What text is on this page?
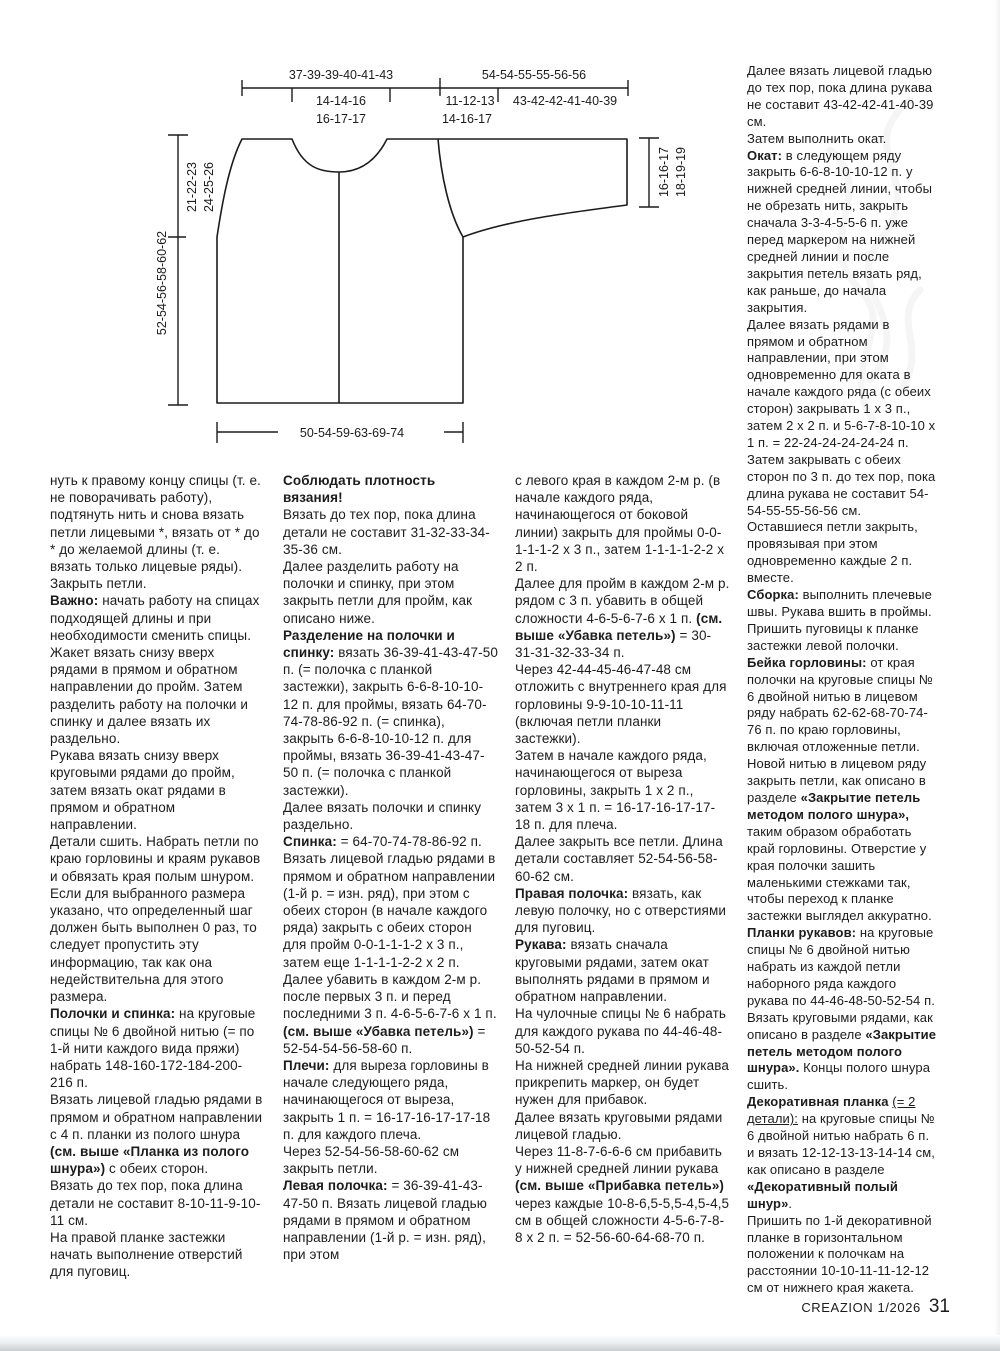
37-39-39-40-41-43
14-14-16
16-17-17
54-54-55-55-56-56
11-12-13
14-16-17
43-42-42-41-40-39
21-22-23 24-25-26
52-54-56-58-60-62
16-16-17 18-19-19
50-54-59-63-69-74

нуть к правому концу спицы (т. е. не поворачивать работу), подтянуть нить и снова вязать петли лицевыми *, вязать от * до * до желаемой длины (т. е. вязать только лицевые ряды). Закрыть петли.

Важно: начать работу на спицах подходящей длины и при необходимости сменить спицы.

Жакет вязать снизу вверх рядами в прямом и обратном направлении до пройм. Затем разделить работу на полочки и спинку и далее вязать их раздельно.

Рукава вязать снизу вверх круговыми рядами до пройм, затем вязать окат рядами в прямом и обратном направлении.

Детали сшить. Набрать петли по краю горловины и краям рукавов и обвязать края полым шнуром.

Если для выбранного размера указано, что определенный шаг должен быть выполнен 0 раз, то следует пропустить эту информацию, так как она недействительна для этого размера.

Полочки и спинка: на круговые спицы № 6 двойной нитью (= по 1-й нити каждого вида пряжи) набрать 148-160-172-184-200-216 п.

Вязать лицевой гладью рядами в прямом и обратном направлении с 4 п. планки из полого шнура (см. выше «Планка из полого шнура») с обеих сторон.

Вязать до тех пор, пока длина детали не составит 8-10-11-9-10-11 см.

На правой планке застежки начать выполнение отверстий для пуговиц.

Соблюдать плотность вязания!

Вязать до тех пор, пока длина детали не составит 31-32-33-34-35-36 см.

Далее разделить работу на полочки и спинку, при этом закрыть петли для пройм, как описано ниже.

Разделение на полочки и спинку: вязать 36-39-41-43-47-50 п. (= полочка с планкой застежки), закрыть 6-6-8-10-10-12 п. для проймы, вязать 64-70-74-78-86-92 п. (= спинка), закрыть 6-6-8-10-10-12 п. для проймы, вязать 36-39-41-43-47-50 п. (= полочка с планкой застежки).

Далее вязать полочки и спинку раздельно.

Спинка: = 64-70-74-78-86-92 п. Вязать лицевой гладью рядами в прямом и обратном направлении (1-й р. = изн. ряд), при этом с обеих сторон (в начале каждого ряда) закрыть с обеих сторон для пройм 0-0-1-1-1-2 x 3 п., затем еще 1-1-1-1-2-2 x 2 п.

Далее убавить в каждом 2-м р. после первых 3 п. и перед последними 3 п. 4-6-5-6-7-6 x 1 п. (см. выше «Убавка петель») = 52-54-54-56-58-60 п.

Плечи: для выреза горловины в начале следующего ряда, начинающегося от выреза, закрыть 1 п. = 16-17-16-17-17-18 п. для каждого плеча.

Через 52-54-56-58-60-62 см закрыть петли.

Левая полочка: = 36-39-41-43-47-50 п. Вязать лицевой гладью рядами в прямом и обратном направлении (1-й р. = изн. ряд), при этом

с левого края в каждом 2-м р. (в начале каждого ряда, начинающегося от боковой линии) закрыть для проймы 0-0-1-1-1-2 x 3 п., затем 1-1-1-1-2-2 x 2 п.

Далее для пройм в каждом 2-м р. рядом с 3 п. убавить в общей сложности 4-6-5-6-7-6 x 1 п. (см. выше «Убавка петель») = 30-31-31-32-33-34 п.

Через 42-44-45-46-47-48 см отложить с внутреннего края для горловины 9-9-10-10-11-11 (включая петли планки застежки).

Затем в начале каждого ряда, начинающегося от выреза горловины, закрыть 1 x 2 п., затем 3 x 1 п. = 16-17-16-17-17-18 п. для плеча.

Далее закрыть все петли. Длина детали составляет 52-54-56-58-60-62 см.

Правая полочка: вязать, как левую полочку, но с отверстиями для пуговиц.

Рукава: вязать сначала круговыми рядами, затем окат выполнять рядами в прямом и обратном направлении.

На чулочные спицы № 6 набрать для каждого рукава по 44-46-48-50-52-54 п.

На нижней средней линии рукава прикрепить маркер, он будет нужен для прибавок.

Далее вязать круговыми рядами лицевой гладью.

Через 11-8-7-6-6-6 см прибавить у нижней средней линии рукава (см. выше «Прибавка петель») через каждые 10-8-6,5-5,5-4,5-4,5 см в общей сложности 4-5-6-7-8-8 x 2 п. = 52-56-60-64-68-70 п.

Далее вязать лицевой гладью до тех пор, пока длина рукава не составит 43-42-42-41-40-39 см.

Затем выполнить окат.

Окат: в следующем ряду закрыть 6-6-8-10-10-12 п. у нижней средней линии, чтобы не обрезать нить, закрыть сначала 3-3-4-5-5-6 п. уже перед маркером на нижней средней линии и после закрытия петель вязать ряд, как раньше, до начала закрытия.

Далее вязать рядами в прямом и обратном направлении, при этом одновременно для оката в начале каждого ряда (с обеих сторон) закрывать 1 x 3 п., затем 2 x 2 п. и 5-6-7-8-10-10 x 1 п. = 22-24-24-24-24-24 п. Затем закрывать с обеих сторон по 3 п. до тех пор, пока длина рукава не составит 54-54-55-55-56-56 см.

Оставшиеся петли закрыть, провязывая при этом одновременно каждые 2 п. вместе.

Сборка: выполнить плечевые швы. Рукава вшить в проймы. Пришить пуговицы к планке застежки левой полочки.

Бейка горловины: от края полочки на круговые спицы № 6 двойной нитью в лицевом ряду набрать 62-62-68-70-74-76 п. по краю горловины, включая отложенные петли. Новой нитью в лицевом ряду закрыть петли, как описано в разделе «Закрытие петель методом полого шнура», таким образом обработать край горловины. Отверстие у края полочки зашить маленькими стежками так, чтобы переход к планке застежки выглядел аккуратно.

Планки рукавов: на круговые спицы № 6 двойной нитью набрать из каждой петли наборного ряда каждого рукава по 44-46-48-50-52-54 п. Вязать круговыми рядами, как описано в разделе «Закрытие петель методом полого шнура». Концы полого шнура сшить.

Декоративная планка (= 2 детали): на круговые спицы № 6 двойной нитью набрать 6 п. и вязать 12-12-13-13-14-14 см, как описано в разделе «Декоративный полый шнур».

Пришить по 1-й декоративной планке в горизонтальном положении к полочкам на расстоянии 10-10-11-11-12-12 см от нижнего края жакета.

CREAZION 1/2026 31
